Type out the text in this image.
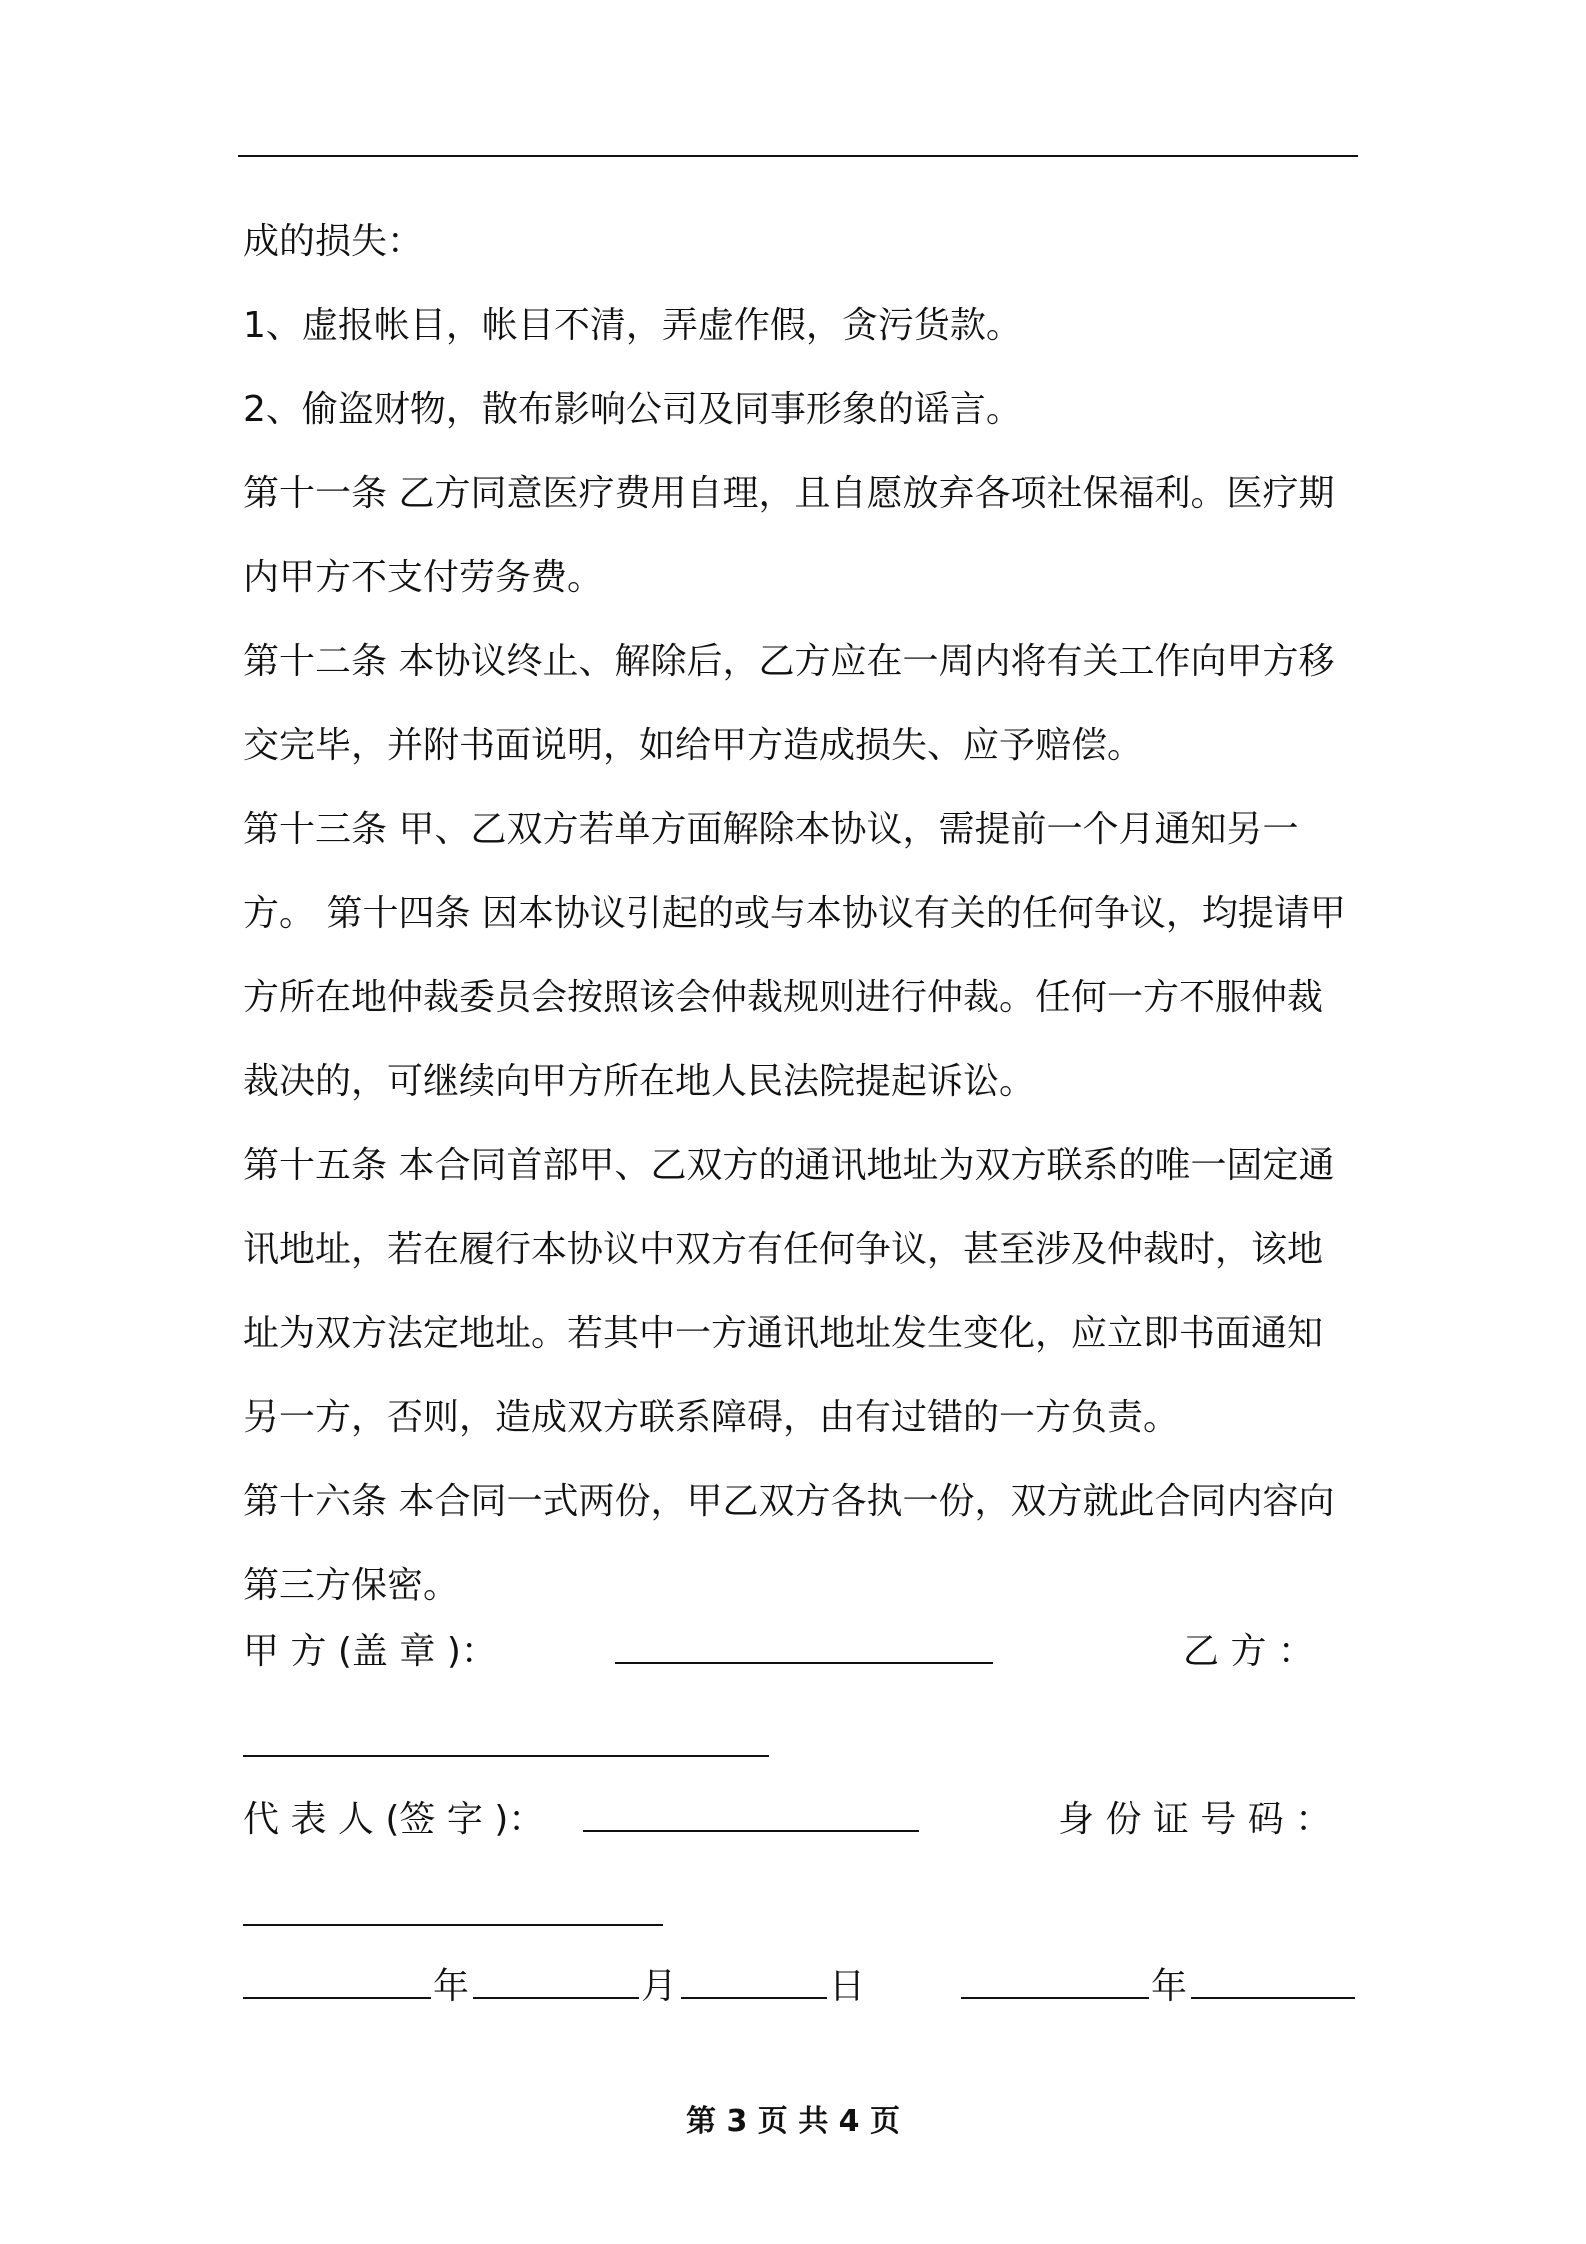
成的损失：

1、虚报帐目，帐目不清，弄虚作假，贪污货款。

2、偷盗财物，散布影响公司及同事形象的谣言。

第十一条 乙方同意医疗费用自理，且自愿放弃各项社保福利。医疗期内甲方不支付劳务费。

第十二条 本协议终止、解除后，乙方应在一周内将有关工作向甲方移交完毕，并附书面说明，如给甲方造成损失、应予赔偿。

第十三条 甲、乙双方若单方面解除本协议，需提前一个月通知另一方。 第十四条 因本协议引起的或与本协议有关的任何争议，均提请甲方所在地仲裁委员会按照该会仲裁规则进行仲裁。任何一方不服仲裁裁决的，可继续向甲方所在地人民法院提起诉讼。

第十五条 本合同首部甲、乙双方的通讯地址为双方联系的唯一固定通讯地址，若在履行本协议中双方有任何争议，甚至涉及仲裁时，该地址为双方法定地址。若其中一方通讯地址发生变化，应立即书面通知另一方，否则，造成双方联系障碍，由有过错的一方负责。

第十六条 本合同一式两份，甲乙双方各执一份，双方就此合同内容向第三方保密。

甲 方 (盖 章 )：	乙 方 ：
代 表 人 (签 字 )：	身 份 证 号 码 ：
年	月	日	年
第 3 页 共 4 页
